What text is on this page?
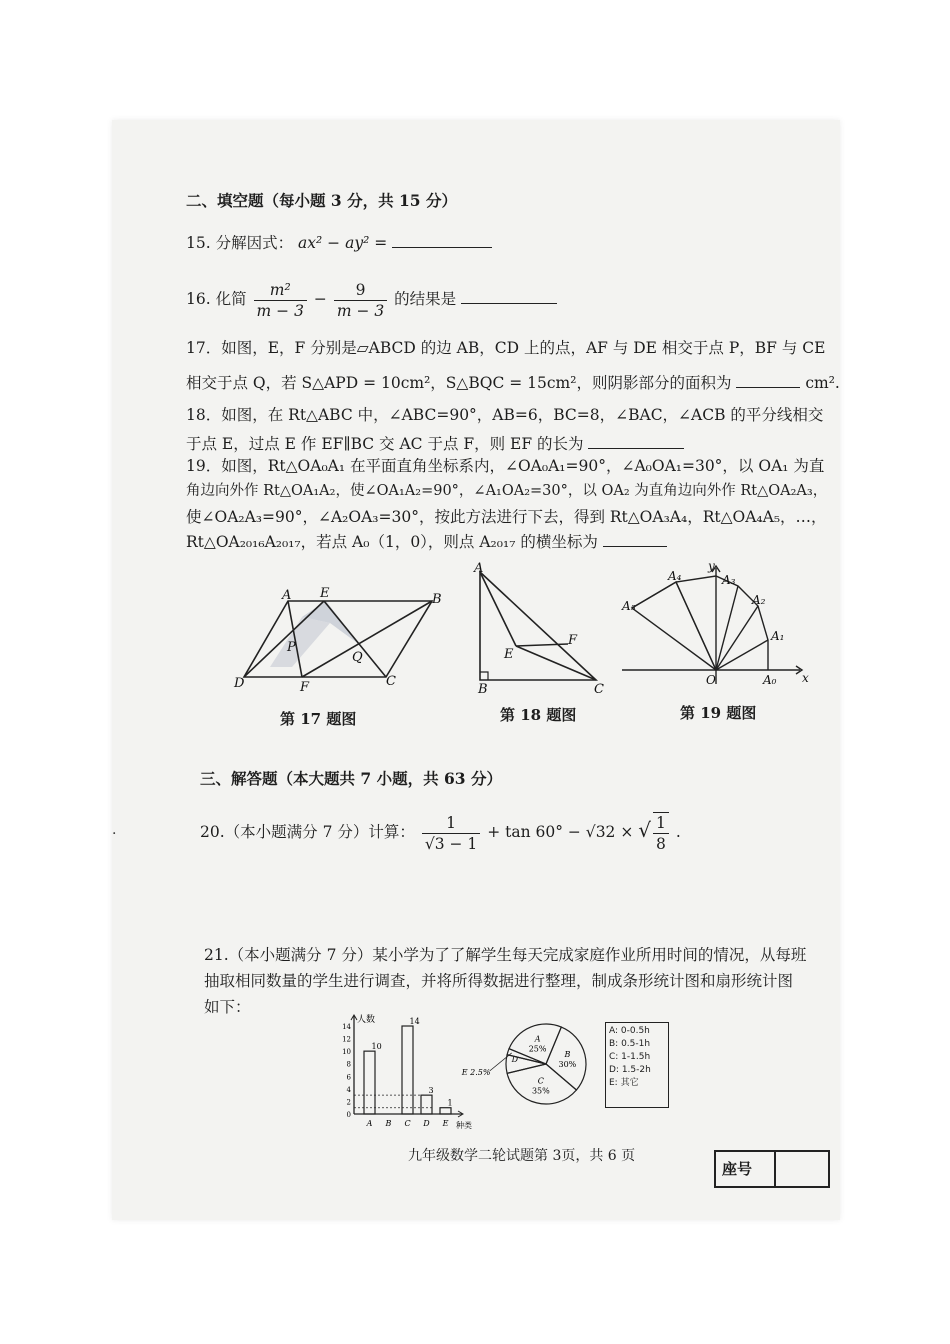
二、填空题（每小题 3 分，共 15 分）
15. 分解因式： ax² − ay² =
16. 化简 $\frac{\text{m²}}{m - 3} - \frac{9}{m - 3}$ 的结果是
17．如图，E，F 分别是▱ABCD 的边 AB，CD 上的点，AF 与 DE 相交于点 P，BF 与 CE
相交于点 Q，若 S△APD = 10cm²，S△BQC = 15cm²，则阴影部分的面积为	cm².
18．如图，在 Rt△ABC 中，∠ABC=90°，AB=6，BC=8，∠BAC，∠ACB 的平分线相交
于点 E，过点 E 作 EF∥BC 交 AC 于点 F，则 EF 的长为
19．如图，Rt△OA₀A₁ 在平面直角坐标系内，∠OA₀A₁=90°，∠A₀OA₁=30°，以 OA₁ 为直
角边向外作 Rt△OA₁A₂，使∠OA₁A₂=90°，∠A₁OA₂=30°，以 OA₂ 为直角边向外作 Rt△OA₂A₃，
使∠OA₂A₃=90°，∠A₂OA₃=30°，按此方法进行下去，得到 Rt△OA₃A₄，Rt△OA₄A₅，…，
Rt△OA₂₀₁₆A₂₀₁₇，若点 A₀（1，0），则点 A₂₀₁₇ 的横坐标为
A E	B
D	F	C
P
Q
第 17 题图
A
B	C
E
F
第 18 题图
A₀
A₁
A₂
A₃
A₄
A₅
O	x
y
第 19 题图
三、解答题（本大题共 7 小题，共 63 分）
20.（本小题满分 7 分）计算： $\frac{1}{√3 - 1} + \tan 60^\circ - √32$ × √ $\frac{1}{8}$ .
21.（本小题满分 7 分）某小学为了了解学生每天完成家庭作业所用时间的情况，从每班
抽取相同数量的学生进行调查，并将所得数据进行整理，制成条形统计图和扇形统计图
如下：
人数
种类
0
2
4
6
8
10
12
14
10
A B
14
C
3
D
1
E
A
25%
B
30%
C
35%
D
E 2.5%
A: 0-0.5h
B: 0.5-1h
C: 1-1.5h
D: 1.5-2h
E: 其它
九年级数学二轮试题第 3页，共 6 页
座号
·
